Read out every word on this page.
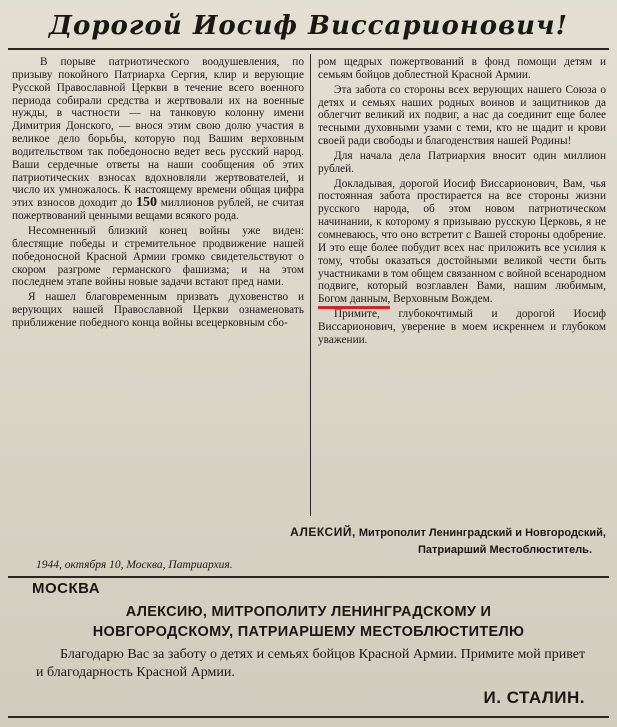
Дорогой Иосиф Виссарионович!

В порыве патриотического воодушевления, по призыву покойного Патриарха Сергия, клир и верующие Русской Православной Церкви в течение всего военного периода собирали средства и жертвовали их на военные нужды, в частности — на танковую колонну имени Димитрия Донского, — внося этим свою долю участия в великое дело борьбы, которую под Вашим верховным водительством так победоносно ведет весь русский народ. Ваши сердечные ответы на наши сообщения об этих патриотических взносах вдохновляли жертвователей, и число их умножалось. К настоящему времени общая цифра этих взносов доходит до 150 миллионов рублей, не считая пожертвований ценными вещами всякого рода.

Несомненный близкий конец войны уже виден: блестящие победы и стремительное продвижение нашей победоносной Красной Армии громко свидетельствуют о скором разгроме германского фашизма; и на этом последнем этапе войны новые задачи встают пред нами.

Я нашел благовременным призвать духовенство и верующих нашей Православной Церкви ознаменовать приближение победного конца войны всецерковным сбо-

ром щедрых пожертвований в фонд помощи детям и семьям бойцов доблестной Красной Армии.

Эта забота со стороны всех верующих нашего Союза о детях и семьях наших родных воинов и защитников да облегчит великий их подвиг, а нас да соединит еще более тесными духовными узами с теми, кто не щадит и крови своей ради свободы и благоденствия нашей Родины!

Для начала дела Патриархия вносит один миллион рублей.

Докладывая, дорогой Иосиф Виссарионович, Вам, чья постоянная забота простирается на все стороны жизни русского народа, об этом новом патриотическом начинании, к которому я призываю русскую Церковь, я не сомневаюсь, что оно встретит с Вашей стороны одобрение. И это еще более побудит всех нас приложить все усилия к тому, чтобы оказаться достойными великой чести быть участниками в том общем связанном с войной всенародном подвиге, который возглавлен Вами, нашим любимым, Богом данным, Верховным Вождем.

Примите, глубокочтимый и дорогой Иосиф Виссарионович, уверение в моем искреннем и глубоком уважении.

АЛЕКСИЙ, Митрополит Ленинградский и Новгородский,
Патриарший Местоблюститель.
1944, октября 10, Москва, Патриархия.
МОСКВА
АЛЕКСИЮ, МИТРОПОЛИТУ ЛЕНИНГРАДСКОМУ И
НОВГОРОДСКОМУ, ПАТРИАРШЕМУ МЕСТОБЛЮСТИТЕЛЮ

Благодарю Вас за заботу о детях и семьях бойцов Красной Армии. Примите мой привет и благодарность Красной Армии.

И. СТАЛИН.
